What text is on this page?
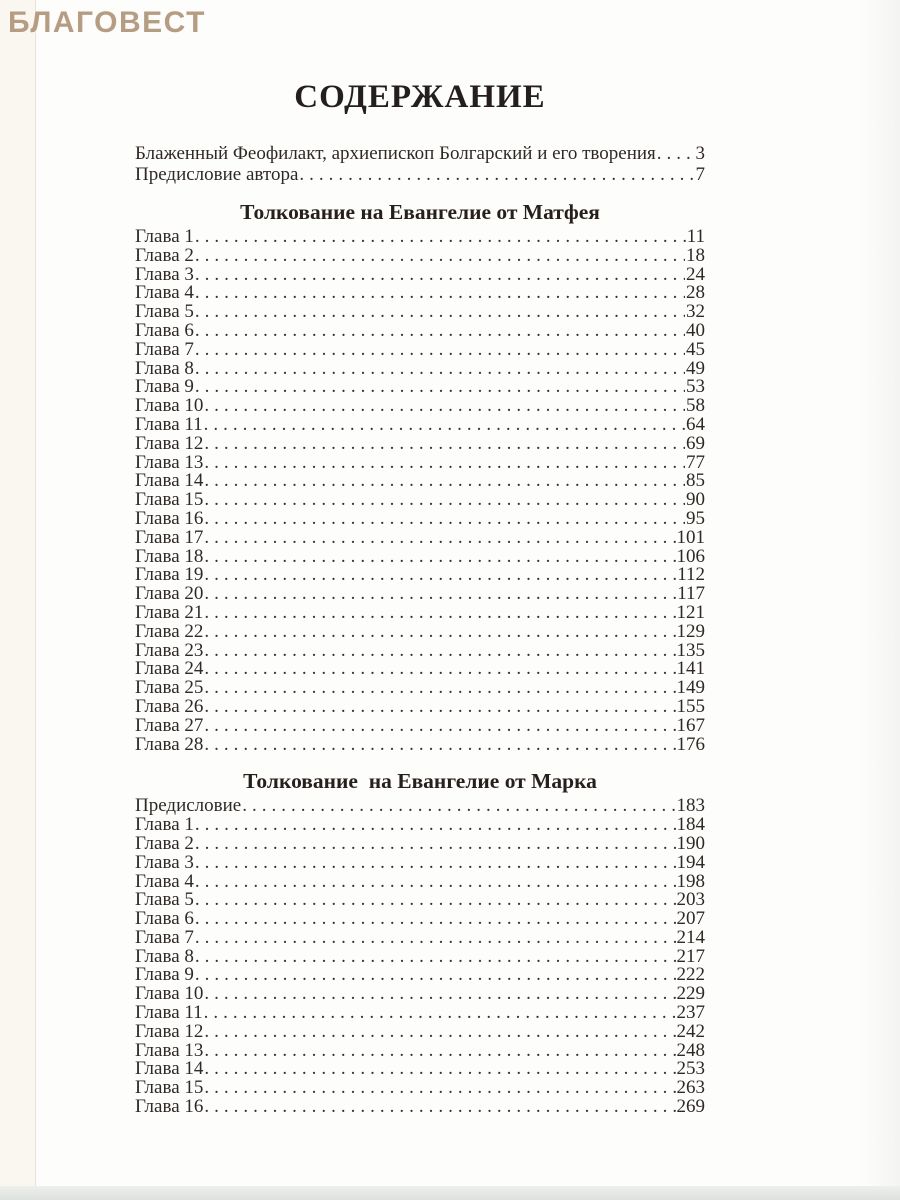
БЛАГОВЕСТ
СОДЕРЖАНИЕ
Блаженный Феофилакт, архиепископ Болгарский и его творения ..... 3
Предисловие автора .....	7
Толкование на Евангелие от Матфея
Глава 1 .....	11
Глава 2 .....	18
Глава 3 .....	24
Глава 4 .....	28
Глава 5 .....	32
Глава 6 .....	40
Глава 7 .....	45
Глава 8 .....	49
Глава 9 .....	53
Глава 10 .....	58
Глава 11 .....	64
Глава 12 .....	69
Глава 13 .....	77
Глава 14 .....	85
Глава 15 .....	90
Глава 16 .....	95
Глава 17 .....	101
Глава 18 .....	106
Глава 19 .....	112
Глава 20 .....	117
Глава 21 .....	121
Глава 22 .....	129
Глава 23 .....	135
Глава 24 .....	141
Глава 25 .....	149
Глава 26 .....	155
Глава 27 .....	167
Глава 28 .....	176
Толкование  на Евангелие от Марка
Предисловие .....	183
Глава 1 .....	184
Глава 2 .....	190
Глава 3 .....	194
Глава 4 .....	198
Глава 5 .....	203
Глава 6 .....	207
Глава 7 .....	214
Глава 8 .....	217
Глава 9 .....	222
Глава 10 .....	229
Глава 11 .....	237
Глава 12 .....	242
Глава 13 .....	248
Глава 14 .....	253
Глава 15 .....	263
Глава 16 .....	269
